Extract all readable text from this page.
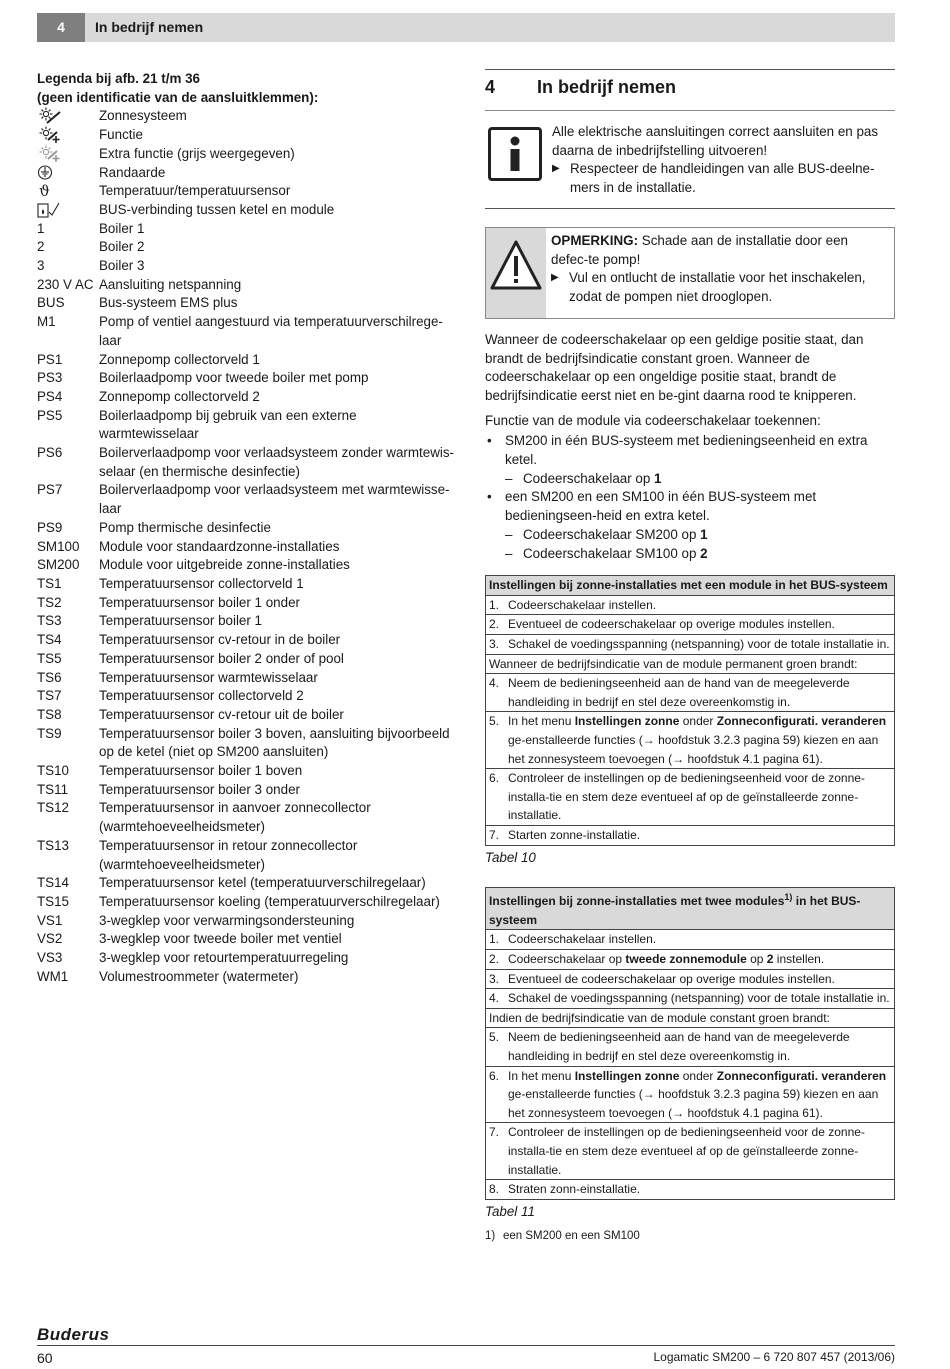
4	In bedrijf nemen
Legenda bij afb. 21 t/m 36
(geen identificatie van de aansluitklemmen):
Zonnesysteem
Functie
Extra functie (grijs weergegeven)
Randaarde
ϑ	Temperatuur/temperatuursensor
BUS-verbinding tussen ketel en module
1	Boiler 1
2	Boiler 2
3	Boiler 3
230 V AC Aansluiting netspanning
BUS	Bus-systeem EMS plus
M1	Pomp of ventiel aangestuurd via temperatuurverschilrege-laar
PS1	Zonnepomp collectorveld 1
PS3	Boilerlaadpomp voor tweede boiler met pomp
PS4	Zonnepomp collectorveld 2
PS5	Boilerlaadpomp bij gebruik van een externe warmtewisselaar
PS6	Boilerverlaadpomp voor verlaadsysteem zonder warmtewis-selaar (en thermische desinfectie)
PS7	Boilerverlaadpomp voor verlaadsysteem met warmtewisse-laar
PS9	Pomp thermische desinfectie
SM100	Module voor standaardzonne-installaties
SM200	Module voor uitgebreide zonne-installaties
TS1	Temperatuursensor collectorveld 1
TS2	Temperatuursensor boiler 1 onder
TS3	Temperatuursensor boiler 1
TS4	Temperatuursensor cv-retour in de boiler
TS5	Temperatuursensor boiler 2 onder of pool
TS6	Temperatuursensor warmtewisselaar
TS7	Temperatuursensor collectorveld 2
TS8	Temperatuursensor cv-retour uit de boiler
TS9	Temperatuursensor boiler 3 boven, aansluiting bijvoorbeeld op de ketel (niet op SM200 aansluiten)
TS10	Temperatuursensor boiler 1 boven
TS11	Temperatuursensor boiler 3 onder
TS12	Temperatuursensor in aanvoer zonnecollector (warmtehoeveelheidsmeter)
TS13	Temperatuursensor in retour zonnecollector (warmtehoeveelheidsmeter)
TS14	Temperatuursensor ketel (temperatuurverschilregelaar)
TS15	Temperatuursensor koeling (temperatuurverschilregelaar)
VS1	3-wegklep voor verwarmingsondersteuning
VS2	3-wegklep voor tweede boiler met ventiel
VS3	3-wegklep voor retourtemperatuurregeling
WM1	Volumestroommeter (watermeter)
4	In bedrijf nemen
Alle elektrische aansluitingen correct aansluiten en pas daarna de inbedrijfstelling uitvoeren!
▶ Respecteer de handleidingen van alle BUS-deelne-mers in de installatie.
OPMERKING: Schade aan de installatie door een defec-te pomp!
▶ Vul en ontlucht de installatie voor het inschakelen, zodat de pompen niet drooglopen.
Wanneer de codeerschakelaar op een geldige positie staat, dan brandt de bedrijfsindicatie constant groen. Wanneer de codeerschakelaar op een ongeldige positie staat, brandt de bedrijfsindicatie eerst niet en be-gint daarna rood te knipperen.
Functie van de module via codeerschakelaar toekennen:
• SM200 in één BUS-systeem met bedieningseenheid en extra ketel.
– Codeerschakelaar op 1
• een SM200 en een SM100 in één BUS-systeem met bedieningseen-heid en extra ketel.
– Codeerschakelaar SM200 op 1
– Codeerschakelaar SM100 op 2
Instellingen bij zonne-installaties met een module in het BUS-systeem
1. Codeerschakelaar instellen.
2. Eventueel de codeerschakelaar op overige modules instellen.
3. Schakel de voedingsspanning (netspanning) voor de totale installatie in.
Wanneer de bedrijfsindicatie van de module permanent groen brandt:
4. Neem de bedieningseenheid aan de hand van de meegeleverde handleiding in bedrijf en stel deze overeenkomstig in.
5. In het menu Instellingen zonne onder Zonneconfigurati. veranderen ge-enstalleerde functies (→ hoofdstuk 3.2.3 pagina 59) kiezen en aan het zonnesysteem toevoegen (→ hoofdstuk 4.1 pagina 61).
6. Controleer de instellingen op de bedieningseenheid voor de zonne-installa-tie en stem deze eventueel af op de geïnstalleerde zonne-installatie.
7. Starten zonne-installatie.
Tabel 10
Instellingen bij zonne-installaties met twee modules$^{1)}$ in het BUS-systeem
1. Codeerschakelaar instellen.
2. Codeerschakelaar op tweede zonnemodule op 2 instellen.
3. Eventueel de codeerschakelaar op overige modules instellen.
4. Schakel de voedingsspanning (netspanning) voor de totale installatie in.
Indien de bedrijfsindicatie van de module constant groen brandt:
5. Neem de bedieningseenheid aan de hand van de meegeleverde handleiding in bedrijf en stel deze overeenkomstig in.
6. In het menu Instellingen zonne onder Zonneconfigurati. veranderen ge-enstalleerde functies (→ hoofdstuk 3.2.3 pagina 59) kiezen en aan het zonnesysteem toevoegen (→ hoofdstuk 4.1 pagina 61).
7. Controleer de instellingen op de bedieningseenheid voor de zonne-installa-tie en stem deze eventueel af op de geïnstalleerde zonne-installatie.
8. Straten zonn-einstallatie.
Tabel 11
1) een SM200 en een SM100
Buderus
60	Logamatic SM200 – 6 720 807 457 (2013/06)
